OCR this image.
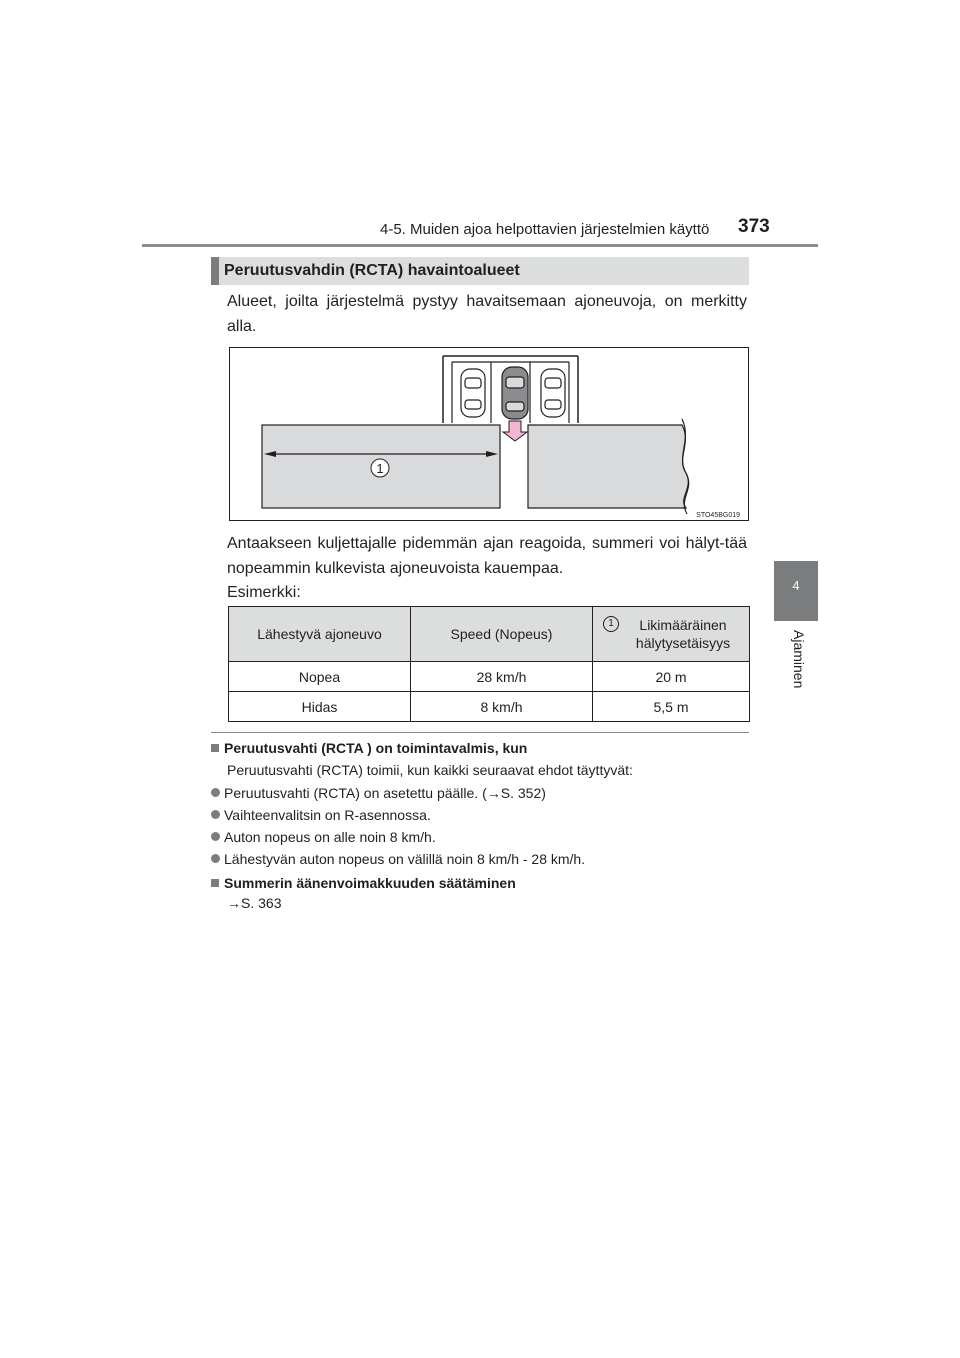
4-5. Muiden ajoa helpottavien järjestelmien käyttö 373
4
Ajaminen
Peruutusvahdin (RCTA) havaintoalueet
Alueet, joilta järjestelmä pystyy havaitsemaan ajoneuvoja, on merkitty alla.
1
STO45BG019
Antaakseen kuljettajalle pidemmän ajan reagoida, summeri voi hälyt-tää nopeammin kulkevista ajoneuvoista kauempaa.
Esimerkki:
Lähestyvä ajoneuvo	Speed (Nopeus)	1 Likimääräinen hälytysetäisyys

Nopea	28 km/h	20 m
Hidas	8 km/h	5,5 m
Peruutusvahti (RCTA ) on toimintavalmis, kun
Peruutusvahti (RCTA) toimii, kun kaikki seuraavat ehdot täyttyvät:
Peruutusvahti (RCTA) on asetettu päälle. (→S. 352)
Vaihteenvalitsin on R-asennossa.
Auton nopeus on alle noin 8 km/h.
Lähestyvän auton nopeus on välillä noin 8 km/h - 28 km/h.
Summerin äänenvoimakkuuden säätäminen
→S. 363
